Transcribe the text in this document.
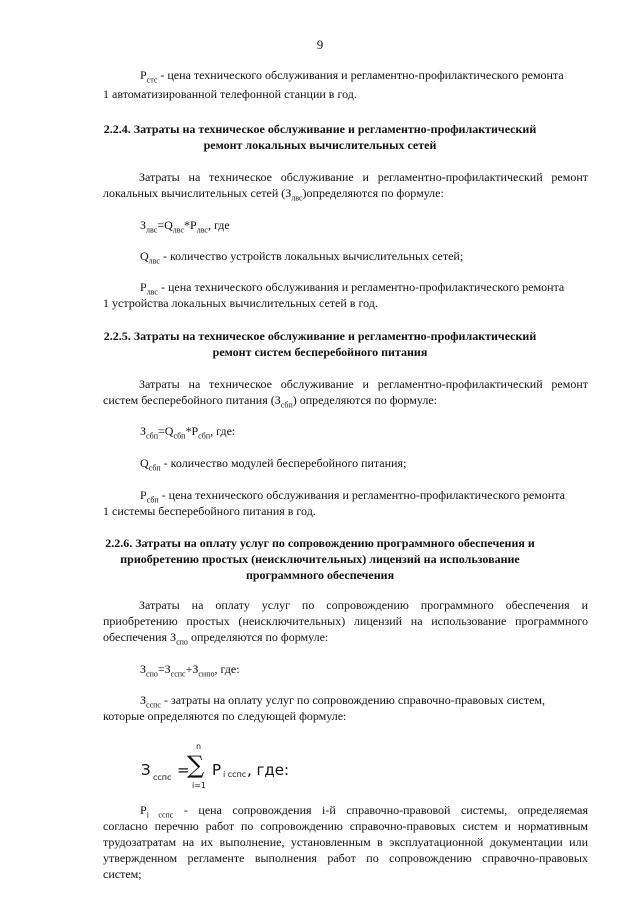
9

$Р_{стс}$ - цена технического обслуживания и регламентно-профилактического ремонта

1 автоматизированной телефонной станции в год.

2.2.4. Затраты на техническое обслуживание и регламентно-профилактический

ремонт локальных вычислительных сетей

Затраты на техническое обслуживание и регламентно-профилактический ремонт

локальных вычислительных сетей $(З_{лвс})определяются$ по формуле:

$З_{лвс}=Q_{лвс}*Р_{лвс}$, где

$Q_{лвс}$ - количество устройств локальных вычислительных сетей;

$Р_{лвс}$ - цена технического обслуживания и регламентно-профилактического ремонта

1 устройства локальных вычислительных сетей в год.

2.2.5. Затраты на техническое обслуживание и регламентно-профилактический

ремонт систем бесперебойного питания

Затраты на техническое обслуживание и регламентно-профилактический ремонт

систем бесперебойного питания $(З_{сбп})$ определяются по формуле:

$З_{сбп}=Q_{сбп}*Р_{сбп}$, где:

$Q_{сбп}$ - количество модулей бесперебойного питания;

$Р_{сбп}$ - цена технического обслуживания и регламентно-профилактического ремонта

1 системы бесперебойного питания в год.

2.2.6. Затраты на оплату услуг по сопровождению программного обеспечения и

приобретению простых (неисключительных) лицензий на использование

программного обеспечения

Затраты на оплату услуг по сопровождению программного обеспечения и

приобретению простых (неисключительных) лицензий на использование программного

обеспечения $З_{спо}$ определяются по формуле:

$З_{спо}=З_{сспс}+З_{сипо}$, где:

$З_{сспс}$ - затраты на оплату услуг по сопровождению справочно-правовых систем,

которые определяются по следующей формуле:

З сспс =
n
∑
i=1
P i сспс , где:

$Р_{i сспс}$ - цена сопровождения i-й справочно-правовой системы, определяемая

согласно перечню работ по сопровождению справочно-правовых систем и нормативным

трудозатратам на их выполнение, установленным в эксплуатационной документации или

утвержденном регламенте выполнения работ по сопровождению справочно-правовых

систем;
